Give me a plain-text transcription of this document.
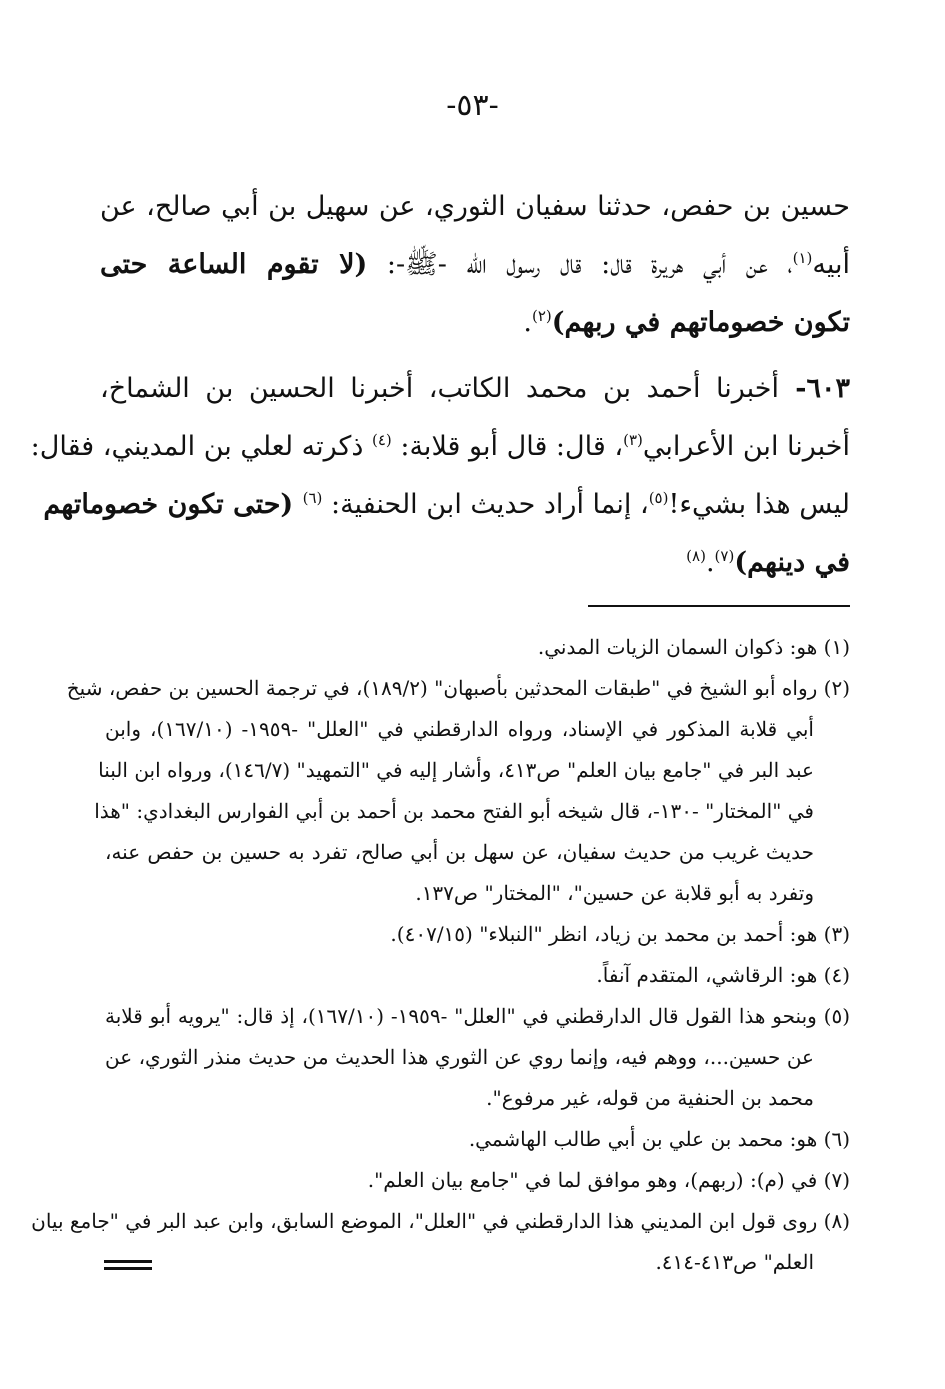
-٥٣-
حسين بن حفص، حدثنا سفيان الثوري، عن سهيل بن أبي صالح، عن
أبيه$^{(١)}$، عن أبي هريرة قال: قال رسول اللّه -ﷺ-: (لا تقوم الساعة حتى
تكون خصوماتهم في ربهم)$^{(٢)}$.
٦٠٣- أخبرنا أحمد بن محمد الكاتب، أخبرنا الحسين بن الشماخ،
أخبرنا ابن الأعرابي$^{(٣)}$، قال: قال أبو قلابة: $^{(٤)}$ ذكرته لعلي بن المديني، فقال:
ليس هذا بشيء!$^{(٥)}$، إنما أراد حديث ابن الحنفية: $^{(٦)}$ (حتى تكون خصوماتهم
في دينهم)$^{(٧)}$.$^{(٨)}$
(١) هو: ذكوان السمان الزيات المدني.
(٢) رواه أبو الشيخ في "طبقات المحدثين بأصبهان" (١٨٩/٢)، في ترجمة الحسين بن حفص، شيخ
أبي قلابة المذكور في الإسناد، ورواه الدارقطني في "العلل" -١٩٥٩- (١٦٧/١٠)، وابن
عبد البر في "جامع بيان العلم" ص٤١٣، وأشار إليه في "التمهيد" (١٤٦/٧)، ورواه ابن البنا
في "المختار" -١٣٠-، قال شيخه أبو الفتح محمد بن أحمد بن أبي الفوارس البغدادي: "هذا
حديث غريب من حديث سفيان، عن سهل بن أبي صالح، تفرد به حسين بن حفص عنه،
وتفرد به أبو قلابة عن حسين"، "المختار" ص١٣٧.
(٣) هو: أحمد بن محمد بن زياد، انظر "النبلاء" (٤٠٧/١٥).
(٤) هو: الرقاشي، المتقدم آنفاً.
(٥) وبنحو هذا القول قال الدارقطني في "العلل" -١٩٥٩- (١٦٧/١٠)، إذ قال: "يرويه أبو قلابة
عن حسين...، ووهم فيه، وإنما روي عن الثوري هذا الحديث من حديث منذر الثوري، عن
محمد بن الحنفية من قوله، غير مرفوع".
(٦) هو: محمد بن علي بن أبي طالب الهاشمي.
(٧) في (م): (ربهم)، وهو موافق لما في "جامع بيان العلم".
(٨) روى قول ابن المديني هذا الدارقطني في "العلل"، الموضع السابق، وابن عبد البر في "جامع بيان
العلم" ص٤١٣-٤١٤.
